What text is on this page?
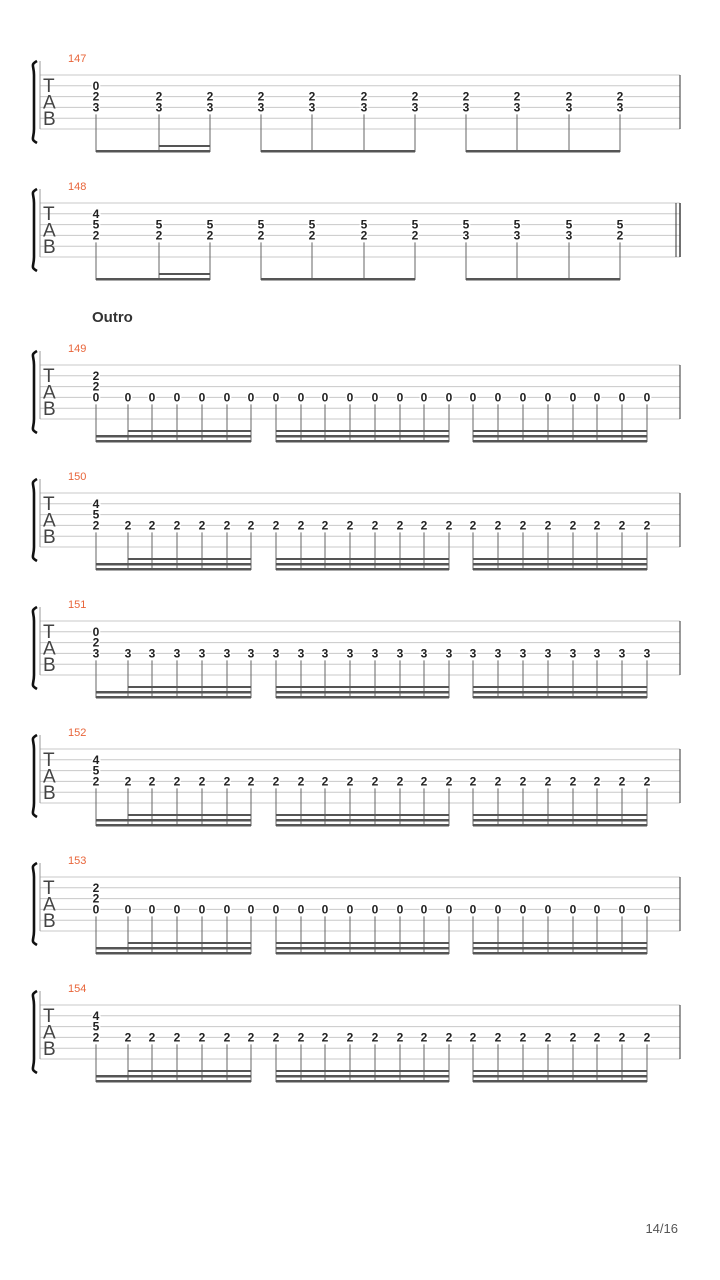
147
T
A
B
0
2
3
2
3
2
3
2
3
2
3
2
3
2
3
2
3
2
3
2
3
2
3
148
T
A
B
4
5
2
5
2
5
2
5
2
5
2
5
2
5
2
5
3
5
3
5
3
5
2
149
T
A
B
2
2
0 0 0 0 0 0 0 0 0 0 0 0 0 0 0 0 0 0 0 0 0 0 0
150
T
A
B
4
5
2 2 2 2 2 2 2 2 2 2 2 2 2 2 2 2 2 2 2 2 2 2 2
151
T
A
B
0
2
3 3 3 3 3 3 3 3 3 3 3 3 3 3 3 3 3 3 3 3 3 3 3
152
T
A
B
4
5
2 2 2 2 2 2 2 2 2 2 2 2 2 2 2 2 2 2 2 2 2 2 2
153
T
A
B
2
2
0 0 0 0 0 0 0 0 0 0 0 0 0 0 0 0 0 0 0 0 0 0 0
154
T
A
B
4
5
2 2 2 2 2 2 2 2 2 2 2 2 2 2 2 2 2 2 2 2 2 2 2
Outro
14/16
